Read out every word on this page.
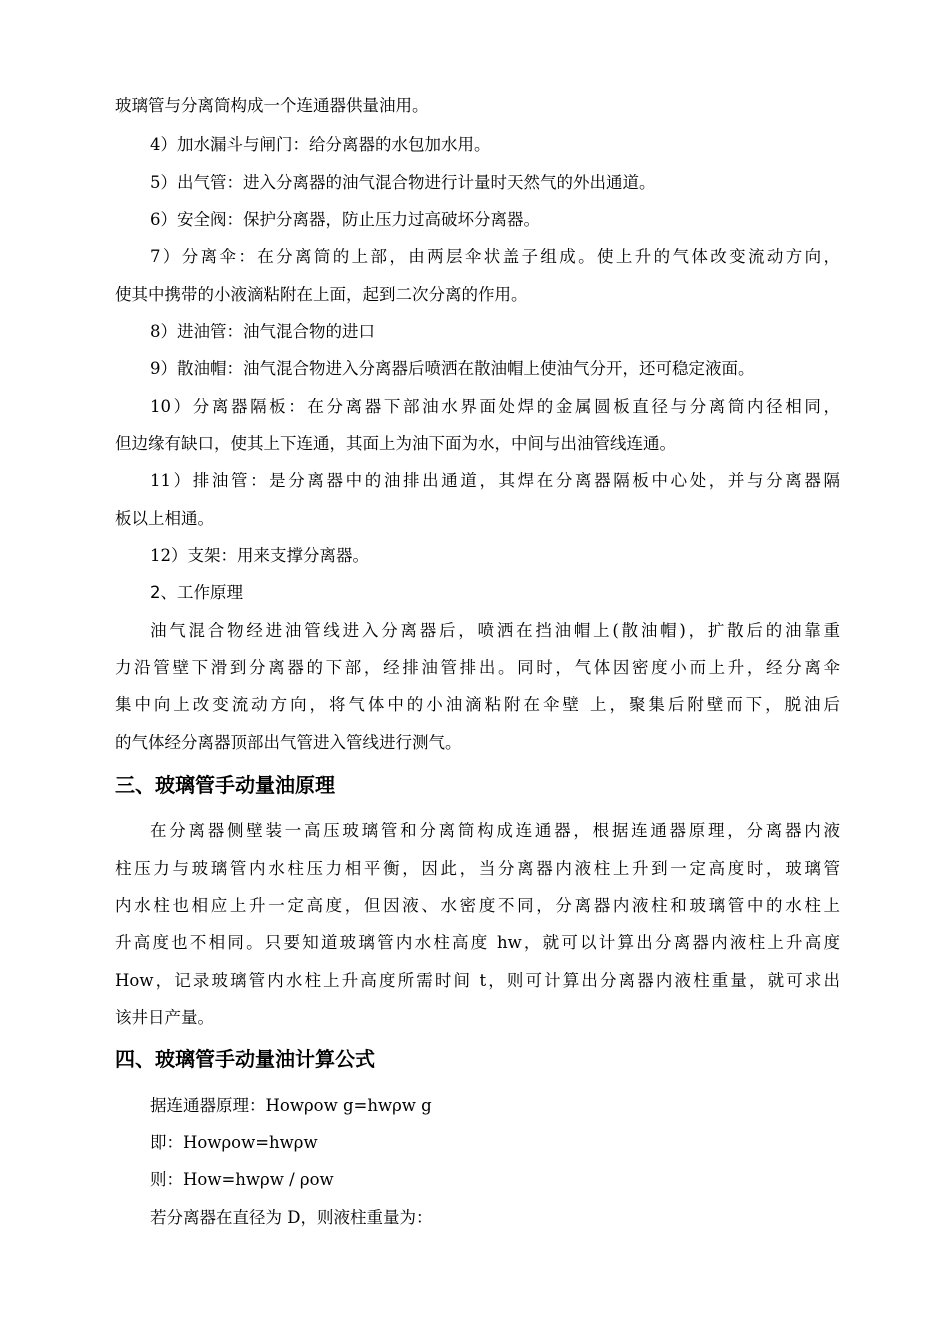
玻璃管与分离筒构成一个连通器供量油用。
4）加水漏斗与闸门：给分离器的水包加水用。
5）出气管：进入分离器的油气混合物进行计量时天然气的外出通道。
6）安全阀：保护分离器，防止压力过高破坏分离器。
7）分离伞：在分离筒的上部，由两层伞状盖子组成。使上升的气体改变流动方向，
使其中携带的小液滴粘附在上面，起到二次分离的作用。
8）进油管：油气混合物的进口
9）散油帽：油气混合物进入分离器后喷洒在散油帽上使油气分开，还可稳定液面。
10）分离器隔板：在分离器下部油水界面处焊的金属圆板直径与分离筒内径相同，
但边缘有缺口，使其上下连通，其面上为油下面为水，中间与出油管线连通。
11）排油管：是分离器中的油排出通道，其焊在分离器隔板中心处，并与分离器隔
板以上相通。
12）支架：用来支撑分离器。
2、工作原理
油气混合物经进油管线进入分离器后，喷洒在挡油帽上(散油帽)，扩散后的油靠重
力沿管壁下滑到分离器的下部，经排油管排出。同时，气体因密度小而上升，经分离伞
集中向上改变流动方向，将气体中的小油滴粘附在伞壁 上，聚集后附壁而下，脱油后
的气体经分离器顶部出气管进入管线进行测气。
三、玻璃管手动量油原理
在分离器侧壁装一高压玻璃管和分离筒构成连通器，根据连通器原理，分离器内液
柱压力与玻璃管内水柱压力相平衡，因此，当分离器内液柱上升到一定高度时，玻璃管
内水柱也相应上升一定高度，但因液、水密度不同，分离器内液柱和玻璃管中的水柱上
升高度也不相同。只要知道玻璃管内水柱高度 hw，就可以计算出分离器内液柱上升高度
How，记录玻璃管内水柱上升高度所需时间 t，则可计算出分离器内液柱重量，就可求出
该井日产量。
四、玻璃管手动量油计算公式
据连通器原理：Howρow g=hwρw g
即：Howρow=hwρw
则：How=hwρw / ρow
若分离器在直径为 D，则液柱重量为：
